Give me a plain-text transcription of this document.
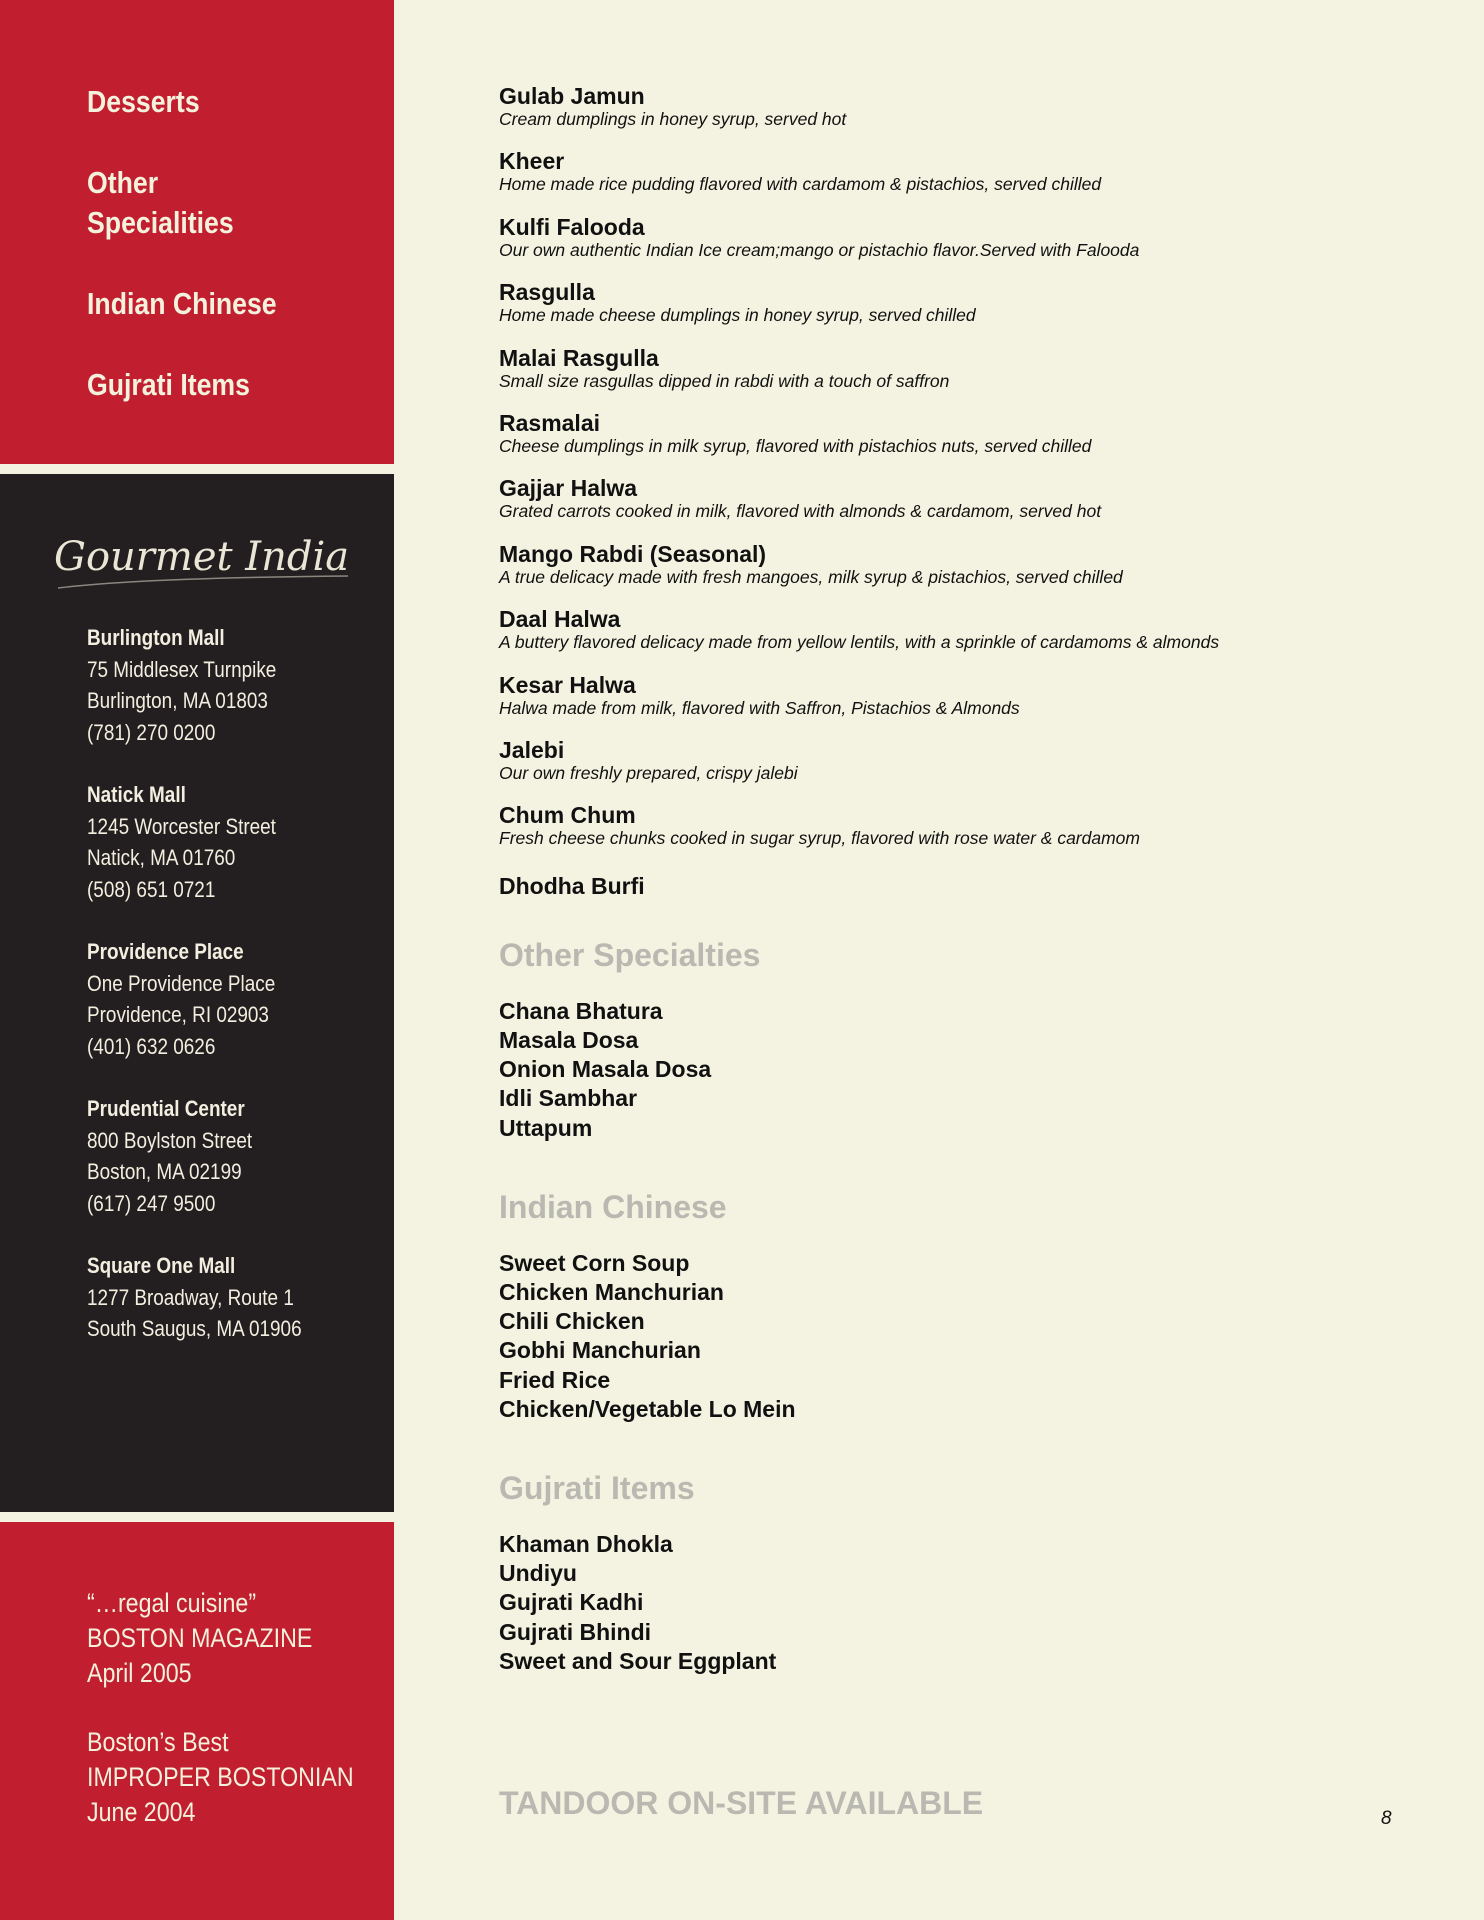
Desserts
Other
Specialities
Indian Chinese
Gujrati Items
Gourmet India
Burlington Mall
75 Middlesex Turnpike
Burlington, MA 01803
(781) 270 0200
Natick Mall
1245 Worcester Street
Natick, MA 01760
(508) 651 0721
Providence Place
One Providence Place
Providence, RI 02903
(401) 632 0626
Prudential Center
800 Boylston Street
Boston, MA 02199
(617) 247 9500
Square One Mall
1277 Broadway, Route 1
South Saugus, MA 01906
“…regal cuisine”
BOSTON MAGAZINE
April 2005
Boston’s Best
IMPROPER BOSTONIAN
June 2004
Gulab Jamun
Cream dumplings in honey syrup, served hot
Kheer
Home made rice pudding flavored with cardamom & pistachios, served chilled
Kulfi Falooda
Our own authentic Indian Ice cream;mango or pistachio flavor.Served with Falooda
Rasgulla
Home made cheese dumplings in honey syrup, served chilled
Malai Rasgulla
Small size rasgullas dipped in rabdi with a touch of saffron
Rasmalai
Cheese dumplings in milk syrup, flavored with pistachios nuts, served chilled
Gajjar Halwa
Grated carrots cooked in milk, flavored with almonds & cardamom, served hot
Mango Rabdi (Seasonal)
A true delicacy made with fresh mangoes, milk syrup & pistachios, served chilled
Daal Halwa
A buttery flavored delicacy made from yellow lentils, with a sprinkle of cardamoms & almonds
Kesar Halwa
Halwa made from milk, flavored with Saffron, Pistachios & Almonds
Jalebi
Our own freshly prepared, crispy jalebi
Chum Chum
Fresh cheese chunks cooked in sugar syrup, flavored with rose water & cardamom
Dhodha Burfi
Other Specialties
Chana Bhatura
Masala Dosa
Onion Masala Dosa
Idli Sambhar
Uttapum
Indian Chinese
Sweet Corn Soup
Chicken Manchurian
Chili Chicken
Gobhi Manchurian
Fried Rice
Chicken/Vegetable Lo Mein
Gujrati Items
Khaman Dhokla
Undiyu
Gujrati Kadhi
Gujrati Bhindi
Sweet and Sour Eggplant
TANDOOR ON-SITE AVAILABLE	8
